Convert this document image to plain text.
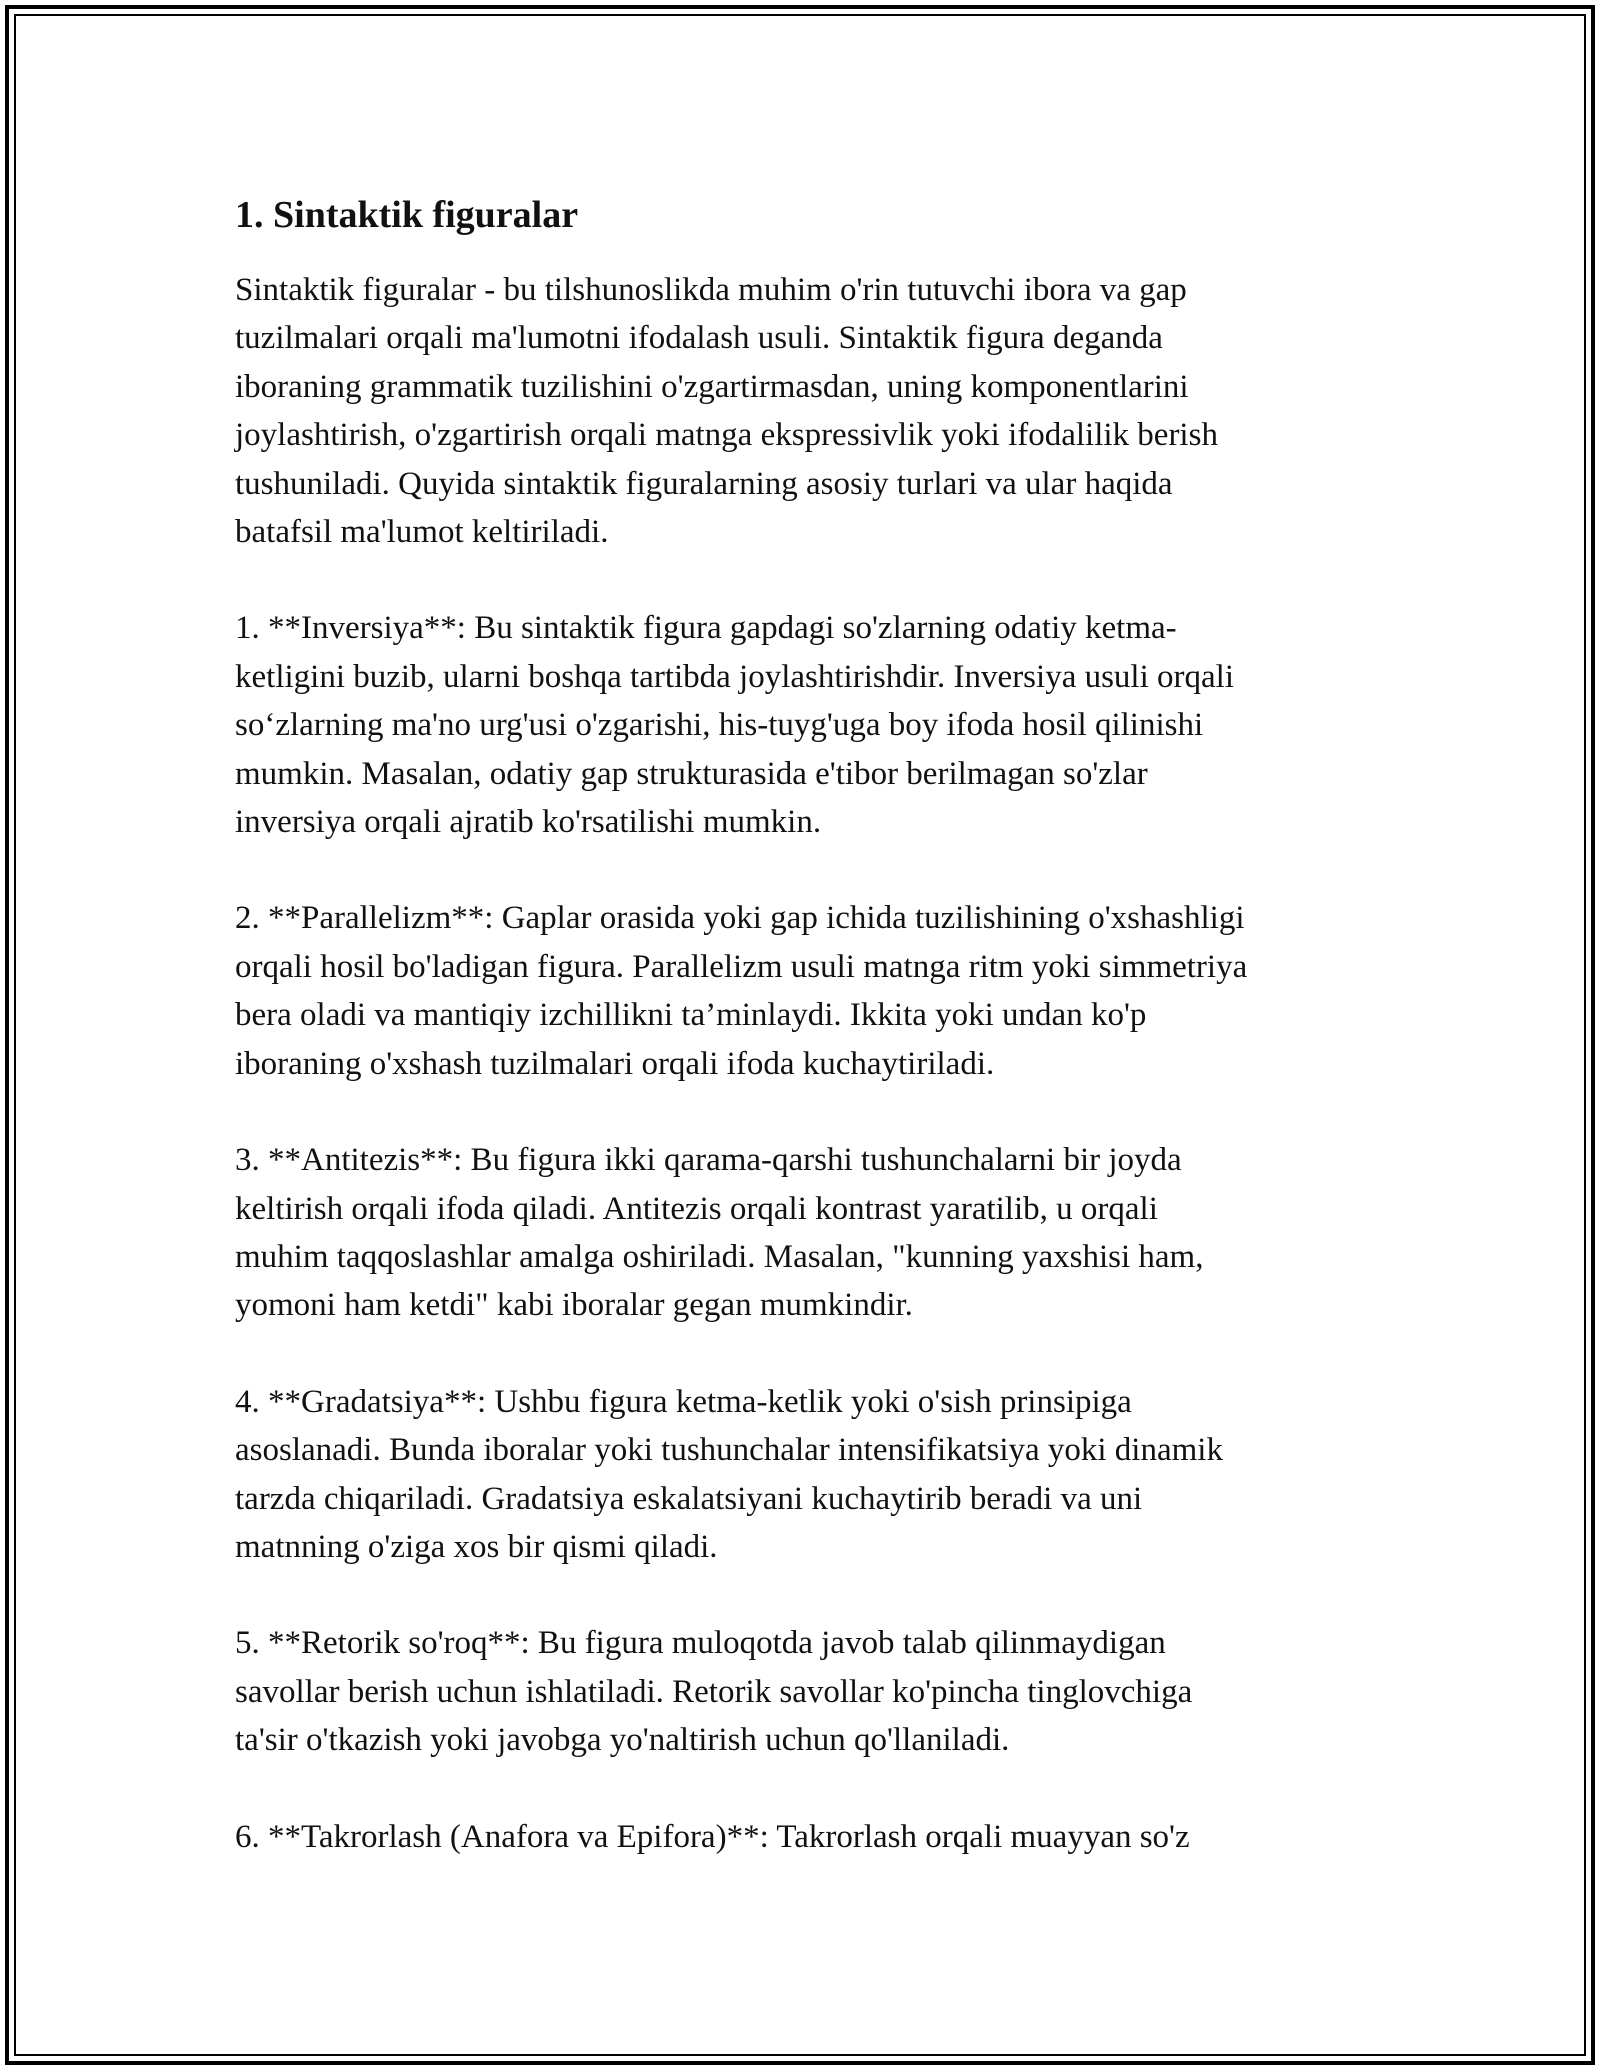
1. Sintaktik figuralar

Sintaktik figuralar - bu tilshunoslikda muhim o'rin tutuvchi ibora va gap
tuzilmalari orqali ma'lumotni ifodalash usuli. Sintaktik figura deganda
iboraning grammatik tuzilishini o'zgartirmasdan, uning komponentlarini
joylashtirish, o'zgartirish orqali matnga ekspressivlik yoki ifodalilik berish
tushuniladi. Quyida sintaktik figuralarning asosiy turlari va ular haqida
batafsil ma'lumot keltiriladi.

1. **Inversiya**: Bu sintaktik figura gapdagi so'zlarning odatiy ketma-
ketligini buzib, ularni boshqa tartibda joylashtirishdir. Inversiya usuli orqali
so‘zlarning ma'no urg'usi o'zgarishi, his-tuyg'uga boy ifoda hosil qilinishi
mumkin. Masalan, odatiy gap strukturasida e'tibor berilmagan so'zlar
inversiya orqali ajratib ko'rsatilishi mumkin.

2. **Parallelizm**: Gaplar orasida yoki gap ichida tuzilishining o'xshashligi
orqali hosil bo'ladigan figura. Parallelizm usuli matnga ritm yoki simmetriya
bera oladi va mantiqiy izchillikni ta’minlaydi. Ikkita yoki undan ko'p
iboraning o'xshash tuzilmalari orqali ifoda kuchaytiriladi.

3. **Antitezis**: Bu figura ikki qarama-qarshi tushunchalarni bir joyda
keltirish orqali ifoda qiladi. Antitezis orqali kontrast yaratilib, u orqali
muhim taqqoslashlar amalga oshiriladi. Masalan, "kunning yaxshisi ham,
yomoni ham ketdi" kabi iboralar gegan mumkindir.

4. **Gradatsiya**: Ushbu figura ketma-ketlik yoki o'sish prinsipiga
asoslanadi. Bunda iboralar yoki tushunchalar intensifikatsiya yoki dinamik
tarzda chiqariladi. Gradatsiya eskalatsiyani kuchaytirib beradi va uni
matnning o'ziga xos bir qismi qiladi.

5. **Retorik so'roq**: Bu figura muloqotda javob talab qilinmaydigan
savollar berish uchun ishlatiladi. Retorik savollar ko'pincha tinglovchiga
ta'sir o'tkazish yoki javobga yo'naltirish uchun qo'llaniladi.

6. **Takrorlash (Anafora va Epifora)**: Takrorlash orqali muayyan so'z
